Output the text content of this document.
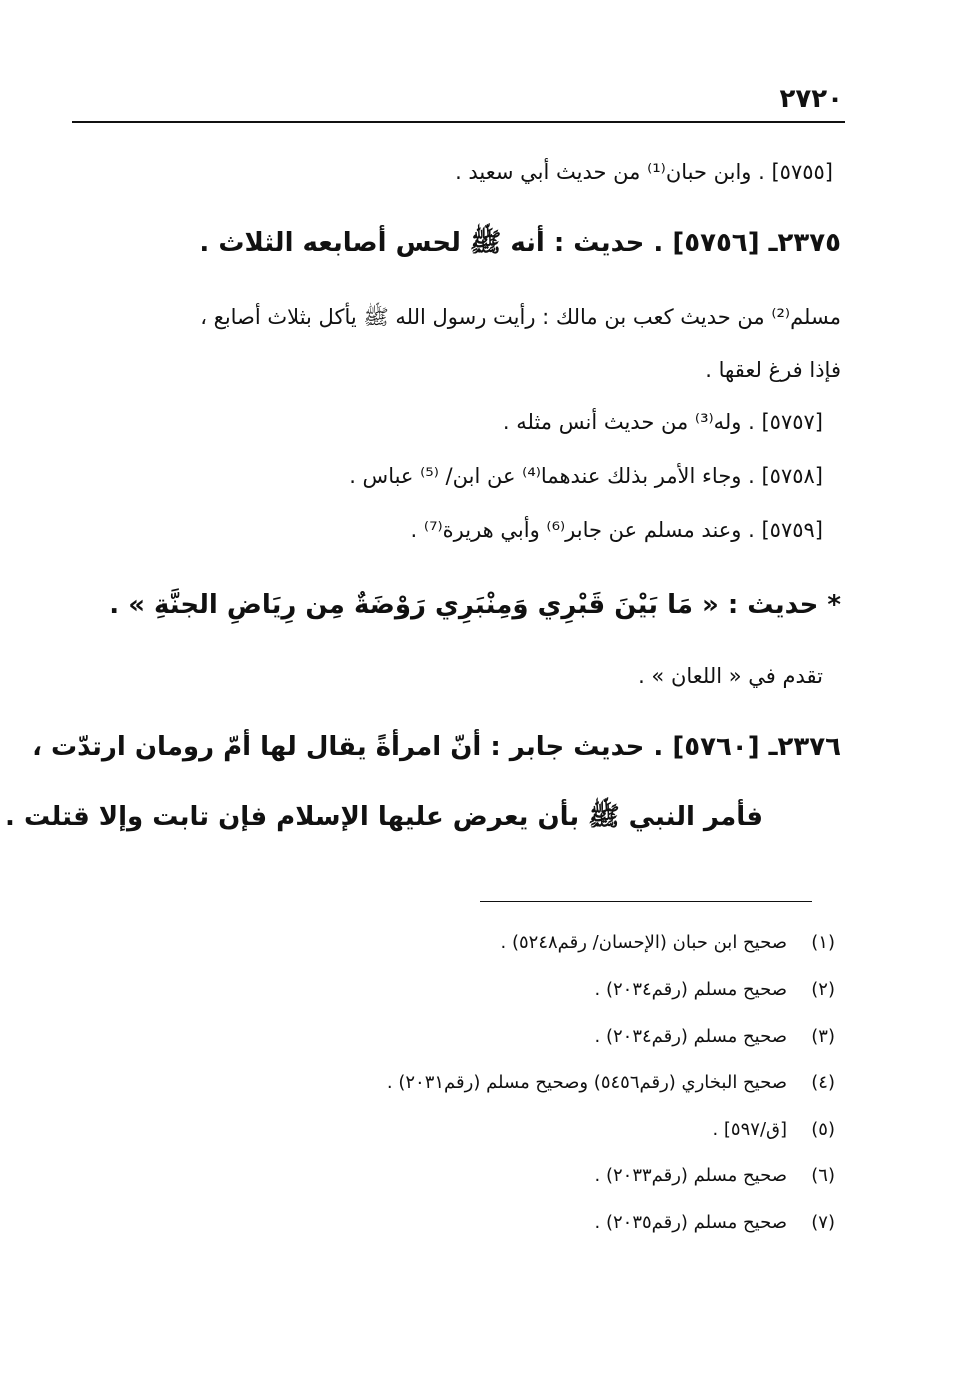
٢٧٢٠
[٥٧٥٥] . وابن حبان⁽¹⁾ من حديث أبي سعيد .
٢٣٧٥ـ [٥٧٥٦] . حديث : أنه ﷺ لحس أصابعه الثلاث .
مسلم⁽²⁾ من حديث كعب بن مالك : رأيت رسول الله ﷺ يأكل بثلاث أصابع ،
فإذا فرغ لعقها .
[٥٧٥٧] . وله⁽³⁾ من حديث أنس مثله .
[٥٧٥٨] . وجاء الأمر بذلك عندهما⁽⁴⁾ عن ابن/ ⁽⁵⁾ عباس .
[٥٧٥٩] . وعند مسلم عن جابر⁽⁶⁾ وأبي هريرة⁽⁷⁾ .
* حديث : « مَا بَيْنَ قَبْرِي وَمِنْبَرِي رَوْضَةٌ مِن رِيَاضِ الجنَّةِ » .
تقدم في « اللعان » .
٢٣٧٦ـ [٥٧٦٠] . حديث جابر : أنّ امرأةً يقال لها أمّ رومان ارتدّت ،
فأمر النبي ﷺ بأن يعرض عليها الإسلام فإن تابت وإلا قتلت .
(١)صحيح ابن حبان (الإحسان/ رقم٥٢٤٨) .
(٢)صحيح مسلم (رقم٢٠٣٤) .
(٣)صحيح مسلم (رقم٢٠٣٤) .
(٤)صحيح البخاري (رقم٥٤٥٦) وصحيح مسلم (رقم٢٠٣١) .
(٥)[ق/٥٩٧] .
(٦)صحيح مسلم (رقم٢٠٣٣) .
(٧)صحيح مسلم (رقم٢٠٣٥) .
